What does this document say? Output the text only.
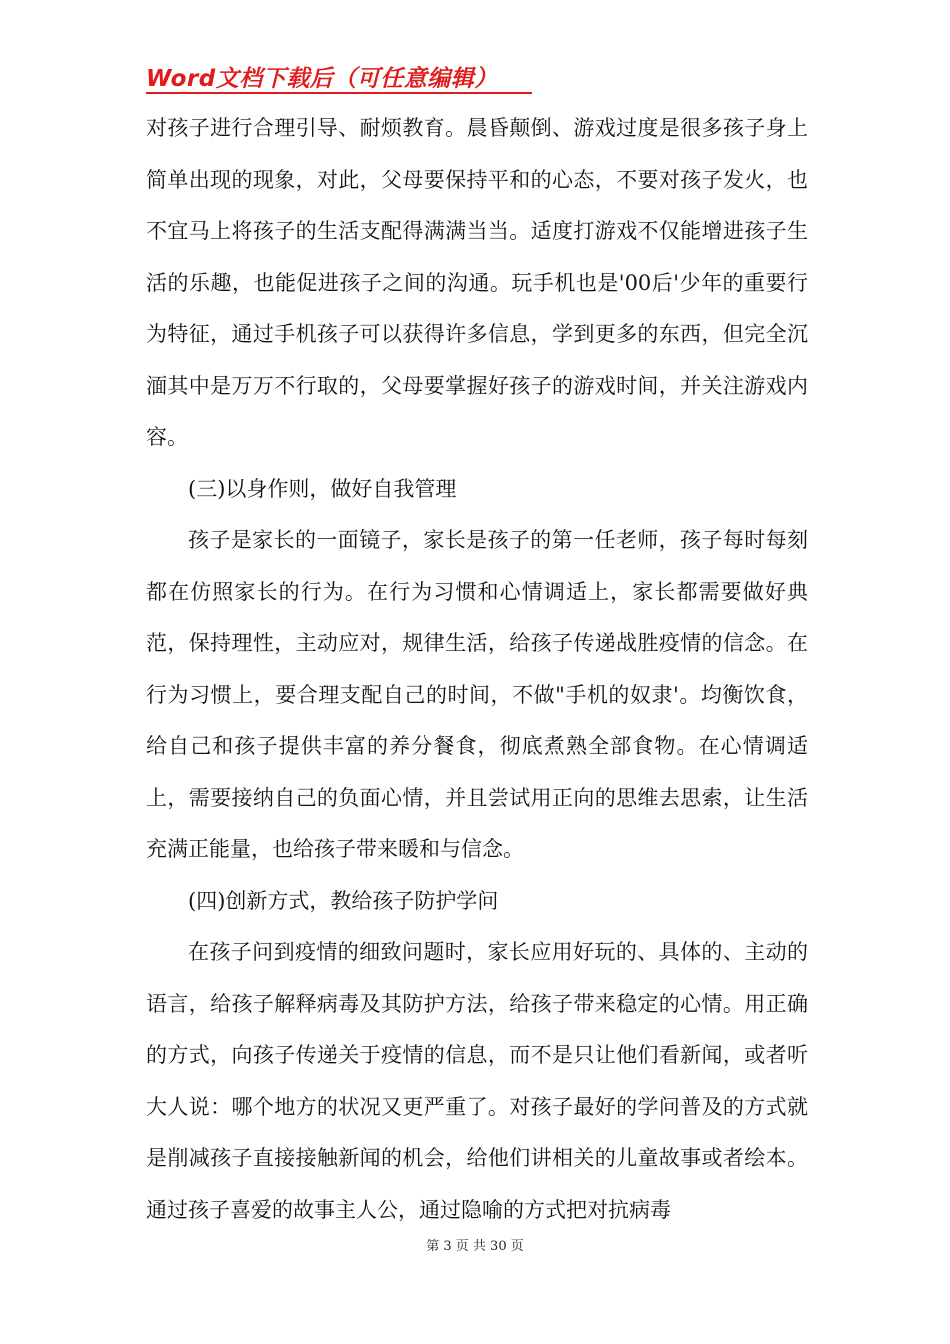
Word文档下载后（可任意编辑）

对孩子进行合理引导、耐烦教育。晨昏颠倒、游戏过度是很多孩子身上简单出现的现象，对此，父母要保持平和的心态，不要对孩子发火，也不宜马上将孩子的生活支配得满满当当。适度打游戏不仅能增进孩子生活的乐趣，也能促进孩子之间的沟通。玩手机也是'00后'少年的重要行为特征，通过手机孩子可以获得许多信息，学到更多的东西，但完全沉湎其中是万万不行取的，父母要掌握好孩子的游戏时间，并关注游戏内容。

(三)以身作则，做好自我管理

孩子是家长的一面镜子，家长是孩子的第一任老师，孩子每时每刻都在仿照家长的行为。在行为习惯和心情调适上，家长都需要做好典范，保持理性，主动应对，规律生活，给孩子传递战胜疫情的信念。在行为习惯上，要合理支配自己的时间，不做"手机的奴隶'。均衡饮食，给自己和孩子提供丰富的养分餐食，彻底煮熟全部食物。在心情调适上，需要接纳自己的负面心情，并且尝试用正向的思维去思索，让生活充满正能量，也给孩子带来暖和与信念。

(四)创新方式，教给孩子防护学问

在孩子问到疫情的细致问题时，家长应用好玩的、具体的、主动的语言，给孩子解释病毒及其防护方法，给孩子带来稳定的心情。用正确的方式，向孩子传递关于疫情的信息，而不是只让他们看新闻，或者听大人说：哪个地方的状况又更严重了。对孩子最好的学问普及的方式就是削减孩子直接接触新闻的机会，给他们讲相关的儿童故事或者绘本。通过孩子喜爱的故事主人公，通过隐喻的方式把对抗病毒

第 3 页 共 30 页
